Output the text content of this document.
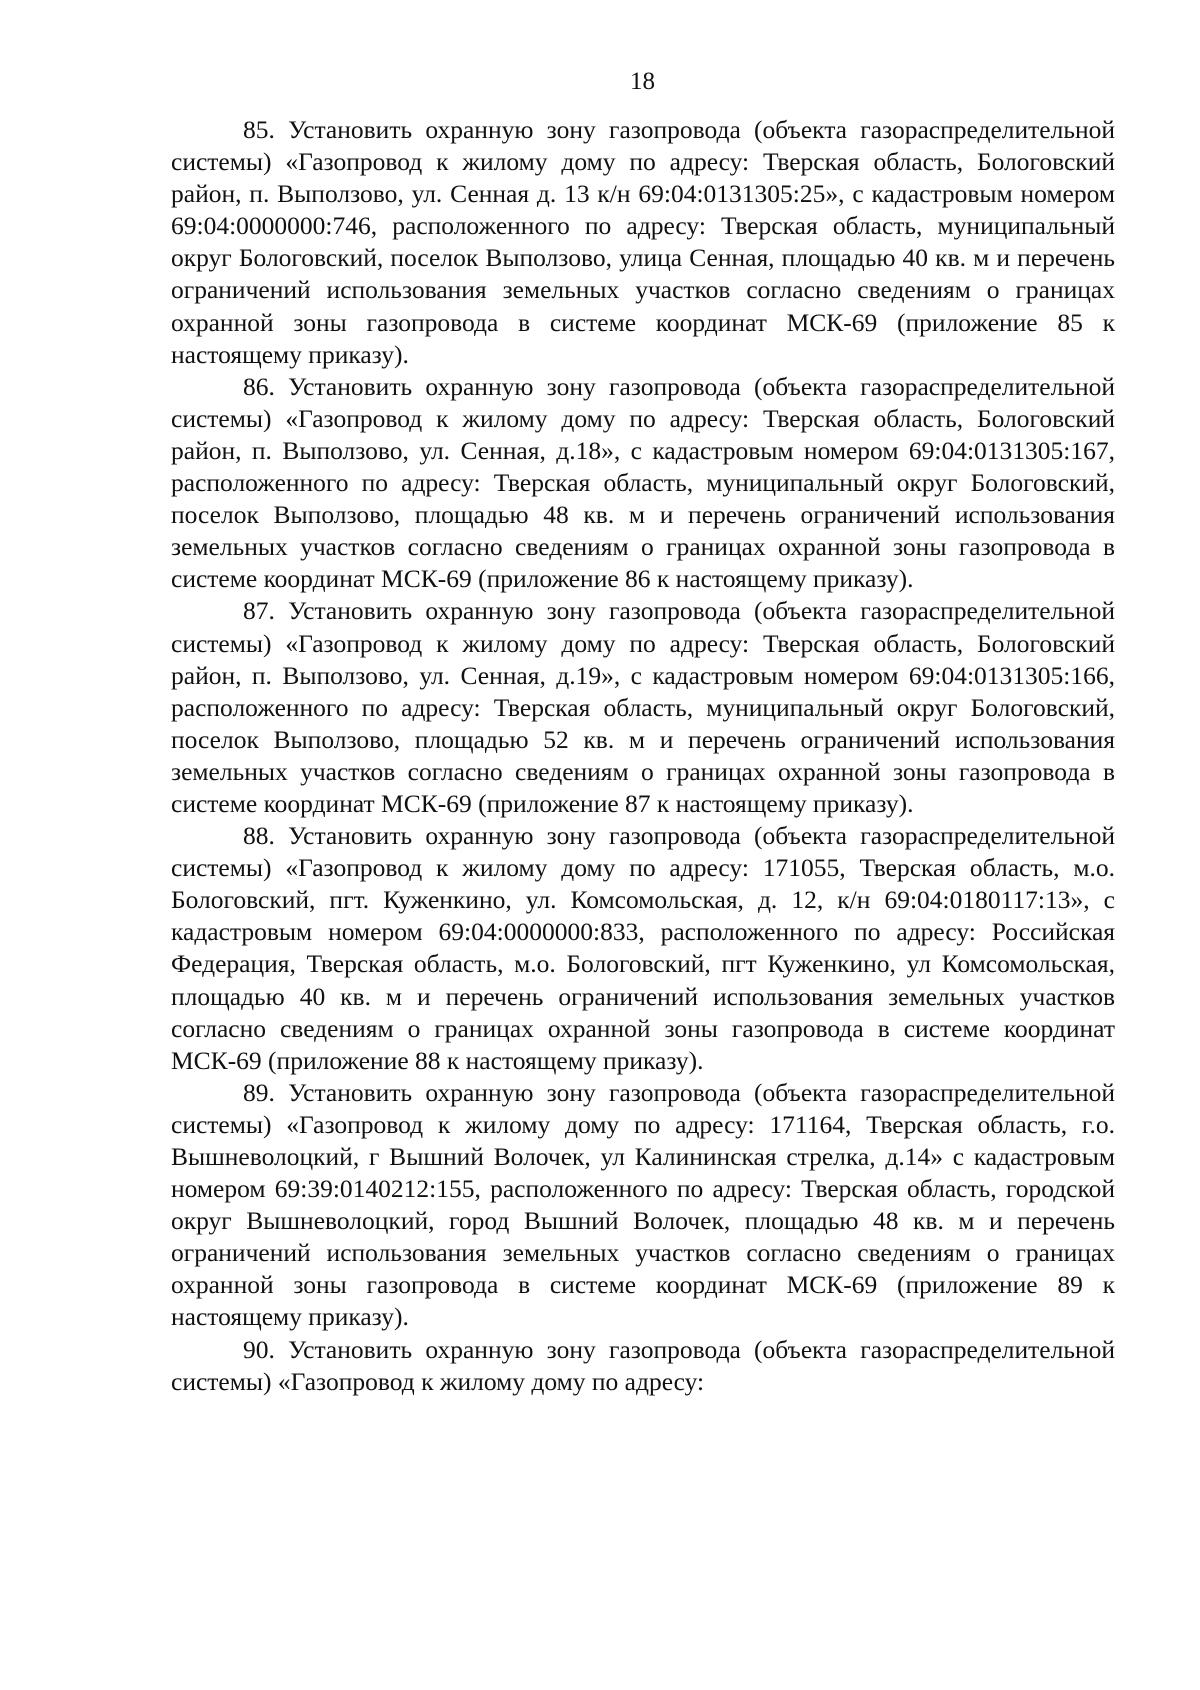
18

85. Установить охранную зону газопровода (объекта газораспределительной системы) «Газопровод к жилому дому по адресу: Тверская область, Бологовский район, п. Выползово, ул. Сенная д. 13 к/н 69:04:0131305:25», с кадастровым номером 69:04:0000000:746, расположенного по адресу: Тверская область, муниципальный округ Бологовский, поселок Выползово, улица Сенная, площадью 40 кв. м и перечень ограничений использования земельных участков согласно сведениям о границах охранной зоны газопровода в системе координат МСК-69 (приложение 85 к настоящему приказу).

86. Установить охранную зону газопровода (объекта газораспределительной системы) «Газопровод к жилому дому по адресу: Тверская область, Бологовский район, п. Выползово, ул. Сенная, д.18», с кадастровым номером 69:04:0131305:167, расположенного по адресу: Тверская область, муниципальный округ Бологовский, поселок Выползово, площадью 48 кв. м и перечень ограничений использования земельных участков согласно сведениям о границах охранной зоны газопровода в системе координат МСК-69 (приложение 86 к настоящему приказу).

87. Установить охранную зону газопровода (объекта газораспределительной системы) «Газопровод к жилому дому по адресу: Тверская область, Бологовский район, п. Выползово, ул. Сенная, д.19», с кадастровым номером 69:04:0131305:166, расположенного по адресу: Тверская область, муниципальный округ Бологовский, поселок Выползово, площадью 52 кв. м и перечень ограничений использования земельных участков согласно сведениям о границах охранной зоны газопровода в системе координат МСК-69 (приложение 87 к настоящему приказу).

88. Установить охранную зону газопровода (объекта газораспределительной системы) «Газопровод к жилому дому по адресу: 171055, Тверская область, м.о. Бологовский, пгт. Куженкино, ул. Комсомольская, д. 12, к/н 69:04:0180117:13», с кадастровым номером 69:04:0000000:833, расположенного по адресу: Российская Федерация, Тверская область, м.о. Бологовский, пгт Куженкино, ул Комсомольская, площадью 40 кв. м и перечень ограничений использования земельных участков согласно сведениям о границах охранной зоны газопровода в системе координат МСК-69 (приложение 88 к настоящему приказу).

89. Установить охранную зону газопровода (объекта газораспределительной системы) «Газопровод к жилому дому по адресу: 171164, Тверская область, г.о. Вышневолоцкий, г Вышний Волочек, ул Калининская стрелка, д.14» с кадастровым номером 69:39:0140212:155, расположенного по адресу: Тверская область, городской округ Вышневолоцкий, город Вышний Волочек, площадью 48 кв. м и перечень ограничений использования земельных участков согласно сведениям о границах охранной зоны газопровода в системе координат МСК-69 (приложение 89 к настоящему приказу).

90. Установить охранную зону газопровода (объекта газораспределительной системы) «Газопровод к жилому дому по адресу:
